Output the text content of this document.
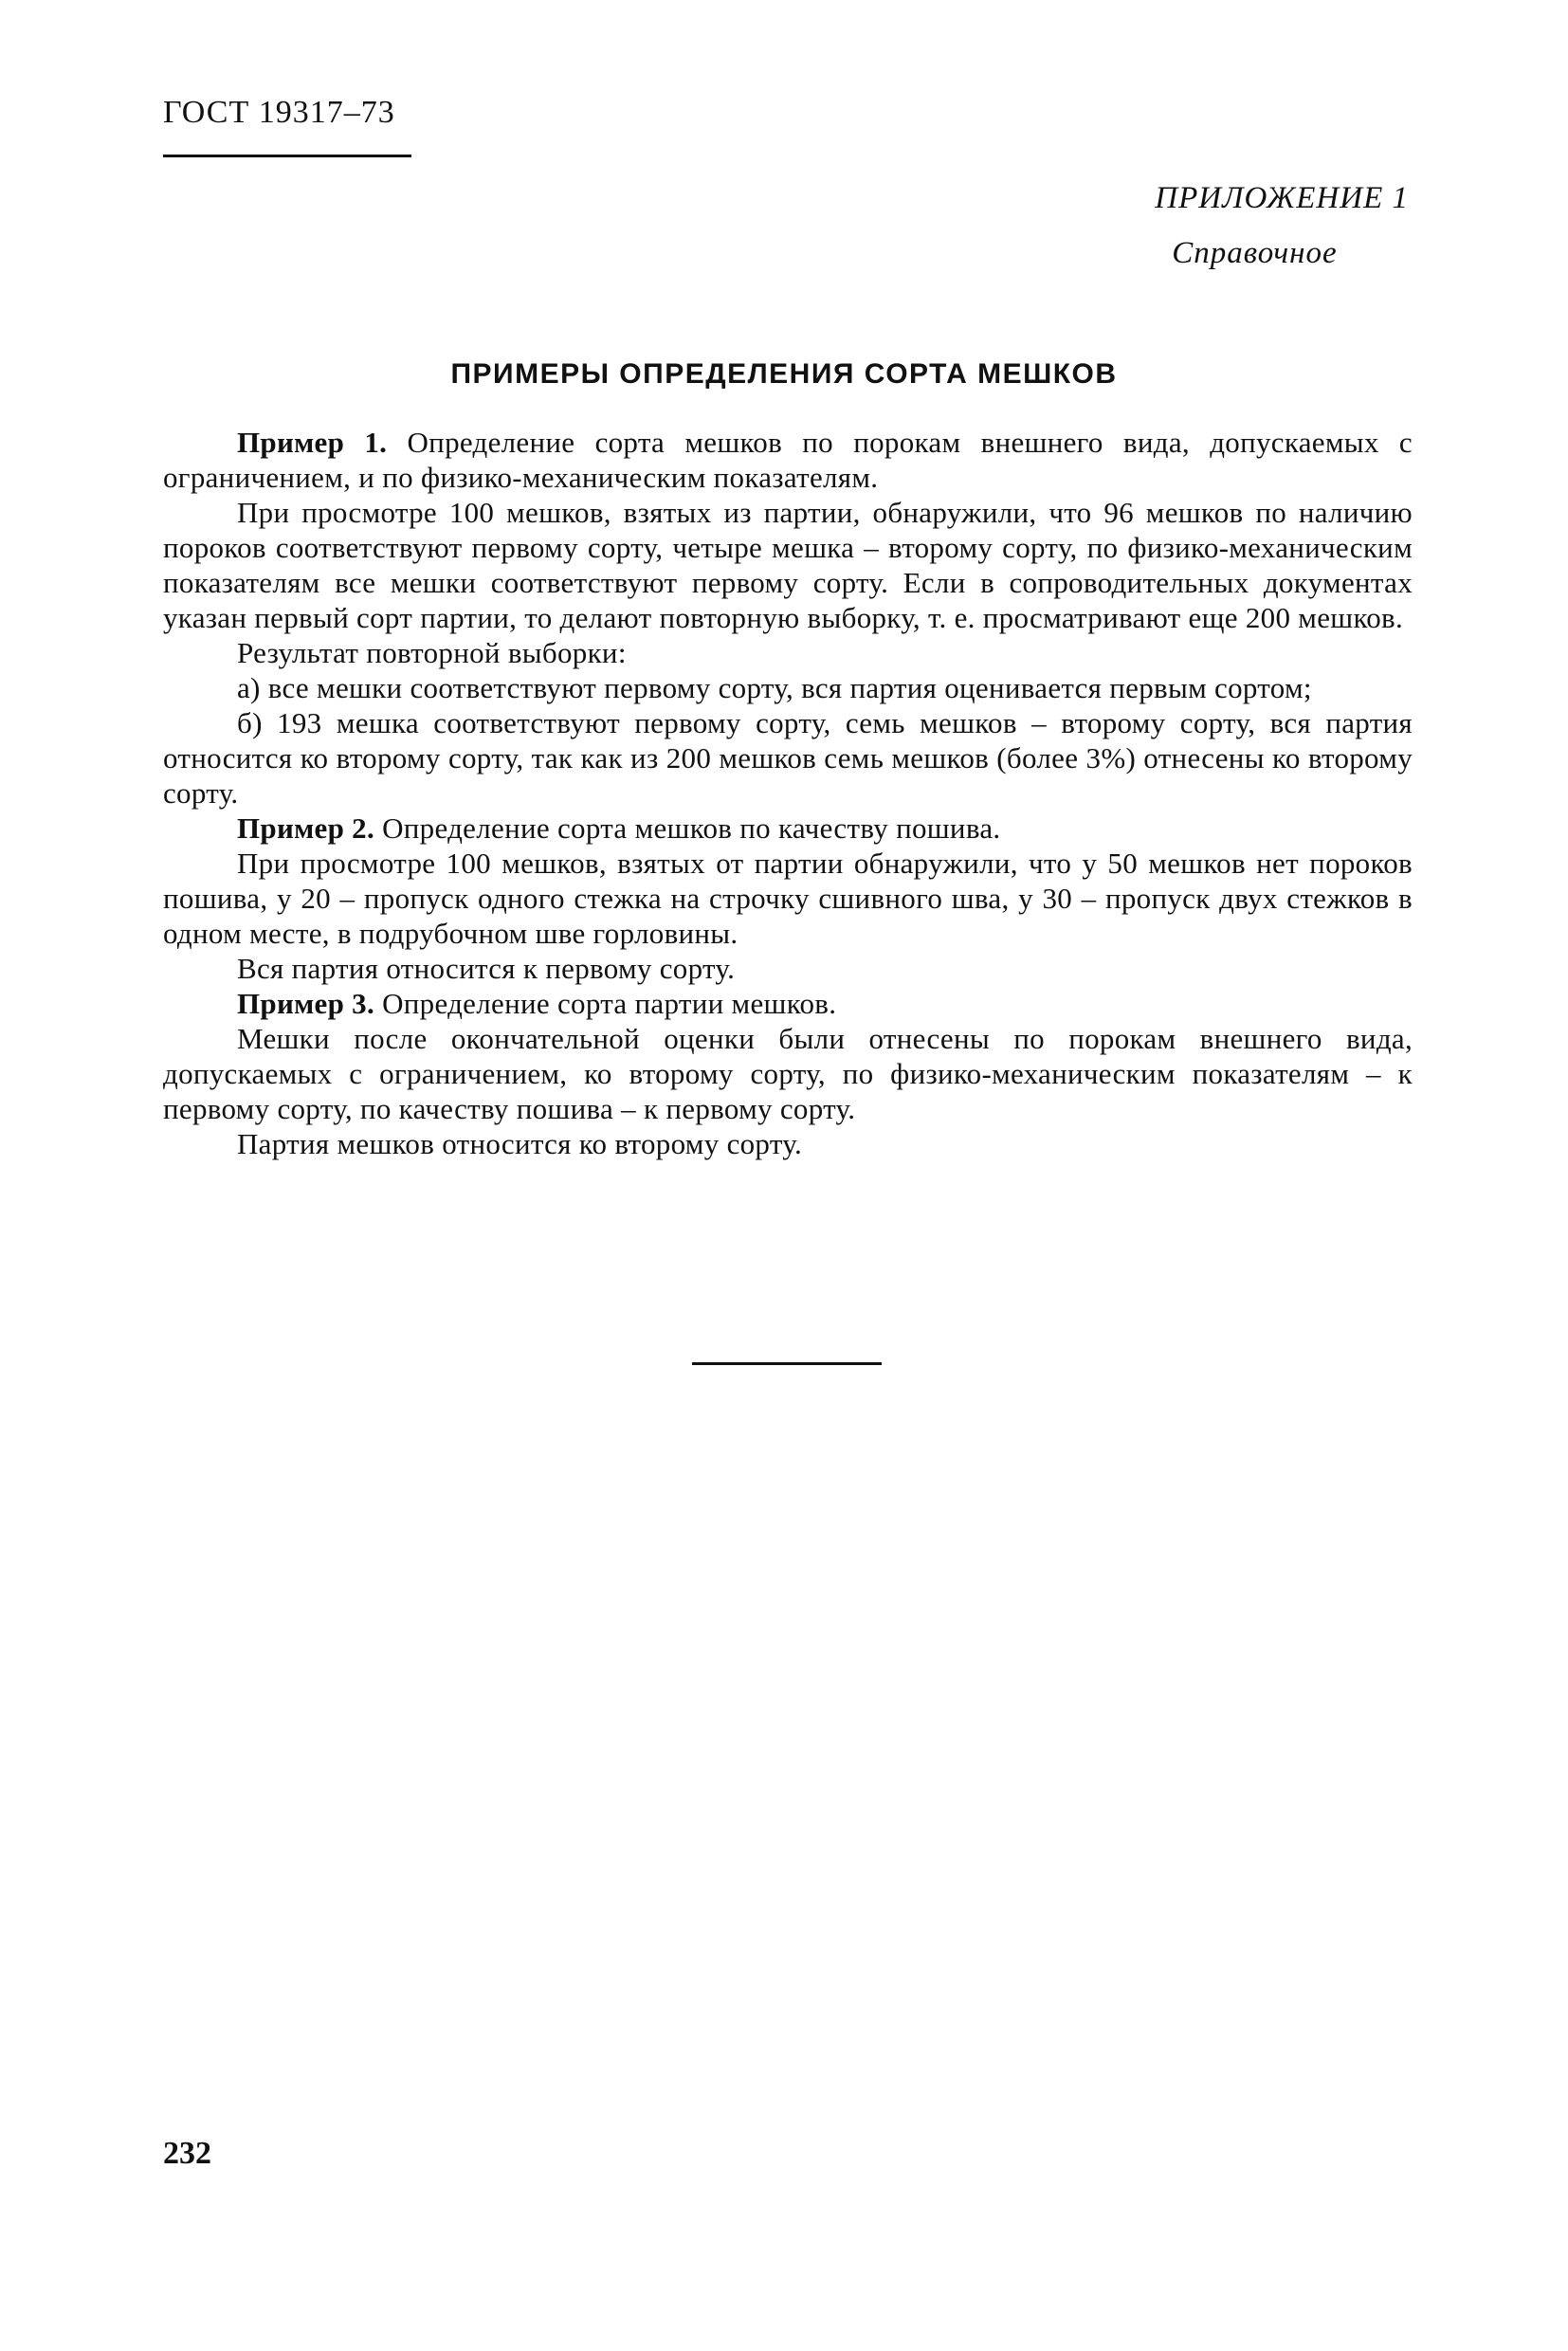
ГОСТ 19317–73
ПРИЛОЖЕНИЕ 1
Справочное
ПРИМЕРЫ ОПРЕДЕЛЕНИЯ СОРТА МЕШКОВ

Пример 1. Определение сорта мешков по порокам внешнего вида, допускаемых с ограничением, и по физико-механическим показателям.

При просмотре 100 мешков, взятых из партии, обнаружили, что 96 мешков по наличию пороков соответствуют первому сорту, четыре мешка – второму сорту, по физико-механическим показателям все мешки соответствуют первому сорту. Если в сопроводительных документах указан первый сорт партии, то делают повторную выборку, т. е. просматривают еще 200 мешков.

Результат повторной выборки:

а) все мешки соответствуют первому сорту, вся партия оценивается первым сортом;

б) 193 мешка соответствуют первому сорту, семь мешков – второму сорту, вся партия относится ко второму сорту, так как из 200 мешков семь мешков (более 3%) отнесены ко второму сорту.

Пример 2. Определение сорта мешков по качеству пошива.

При просмотре 100 мешков, взятых от партии обнаружили, что у 50 мешков нет пороков пошива, у 20 – пропуск одного стежка на строчку сшивного шва, у 30 – пропуск двух стежков в одном месте, в подрубочном шве горловины.

Вся партия относится к первому сорту.

Пример 3. Определение сорта партии мешков.

Мешки после окончательной оценки были отнесены по порокам внешнего вида, допускаемых с ограничением, ко второму сорту, по физико-механическим показателям – к первому сорту, по качеству пошива – к первому сорту.

Партия мешков относится ко второму сорту.

232
